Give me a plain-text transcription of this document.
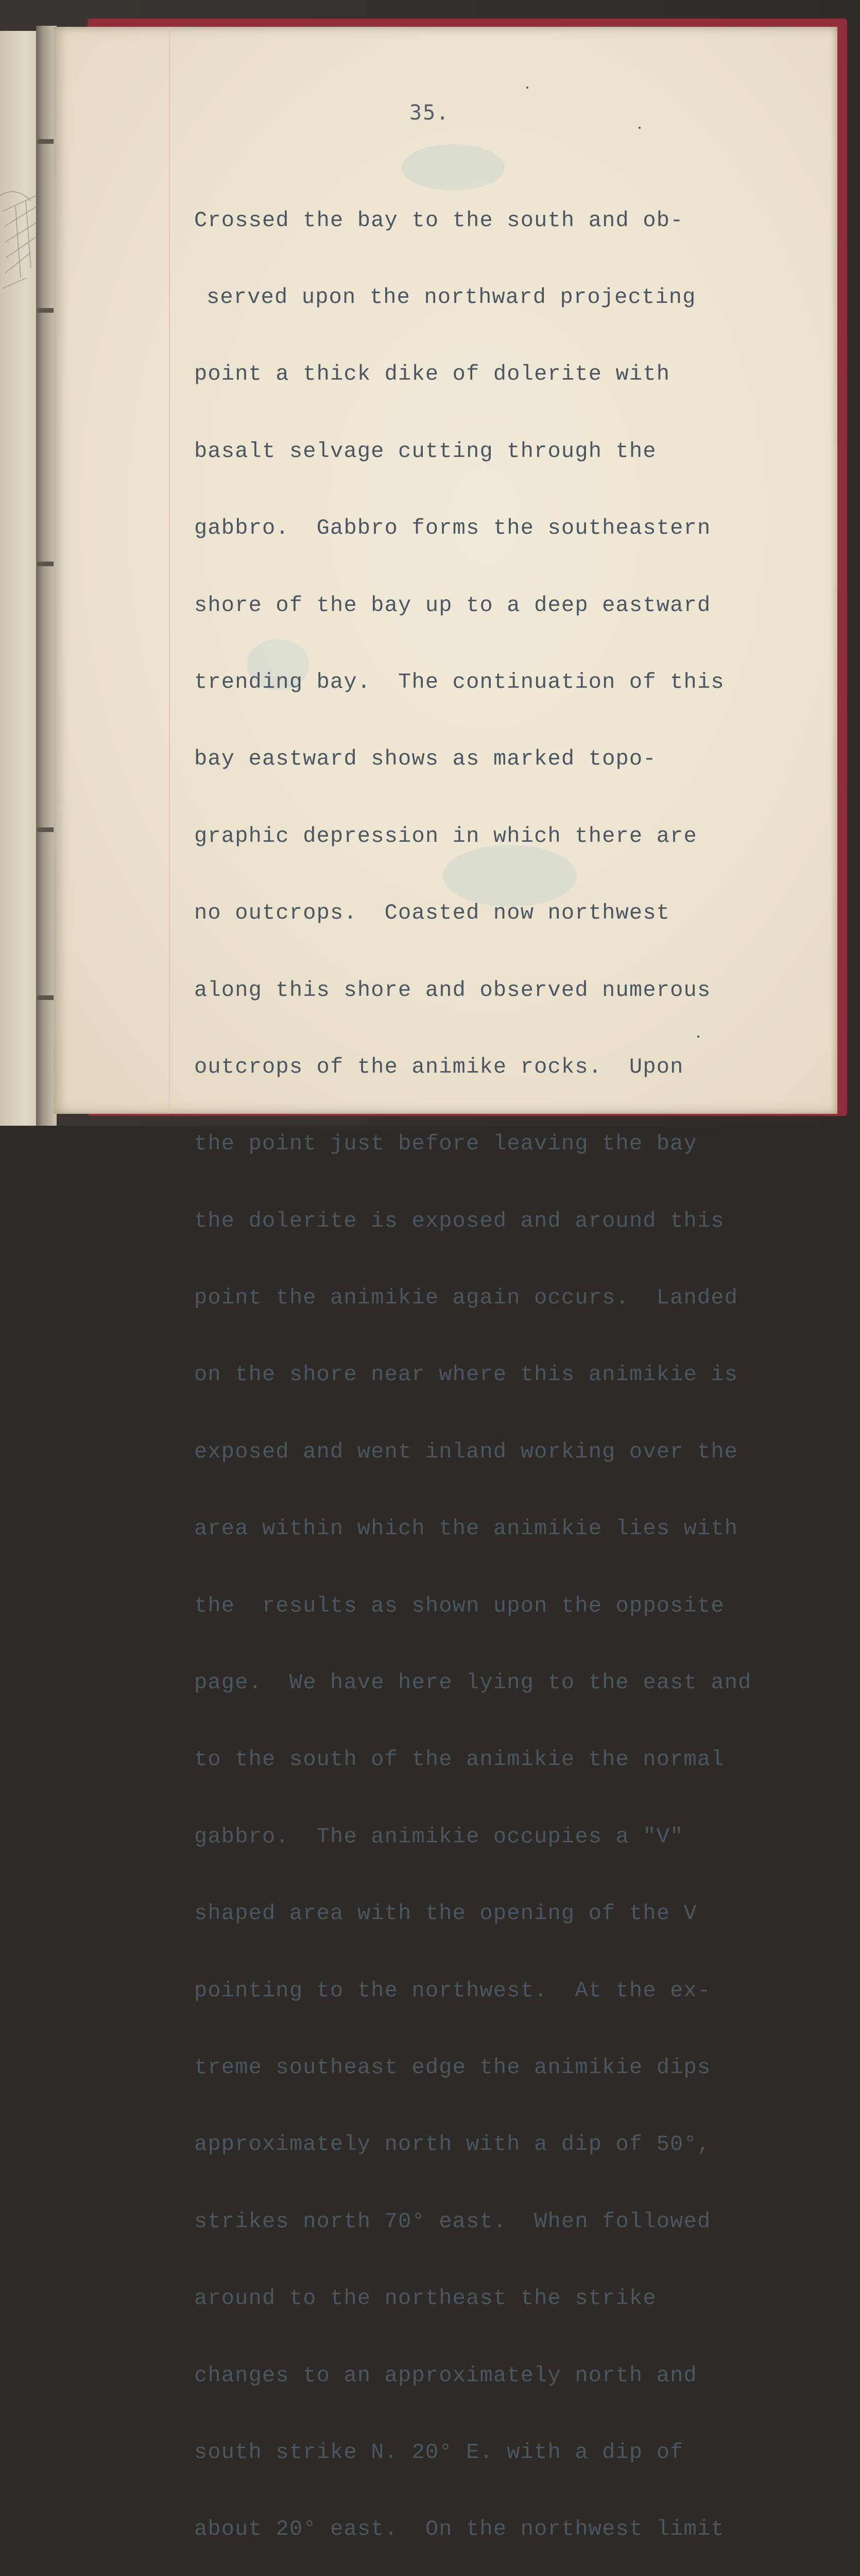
35.

Crossed the bay to the south and ob-

served upon the northward projecting

point a thick dike of dolerite with

basalt selvage cutting through the

gabbro.  Gabbro forms the southeastern

shore of the bay up to a deep eastward

trending bay.  The continuation of this

bay eastward shows as marked topo-

graphic depression in which there are

no outcrops.  Coasted now northwest

along this shore and observed numerous

outcrops of the animike rocks.  Upon

the point just before leaving the bay

the dolerite is exposed and around this

point the animikie again occurs.  Landed

on the shore near where this animikie is

exposed and went inland working over the

area within which the animikie lies with

the  results as shown upon the opposite

page.  We have here lying to the east and

to the south of the animikie the normal

gabbro.  The animikie occupies a "V"

shaped area with the opening of the V

pointing to the northwest.  At the ex-

treme southeast edge the animikie dips

approximately north with a dip of 50°,

strikes north 70° east.  When followed

around to the northeast the strike

changes to an approximately north and

south strike N. 20° E. with a dip of

about 20° east.  On the northwest limit
